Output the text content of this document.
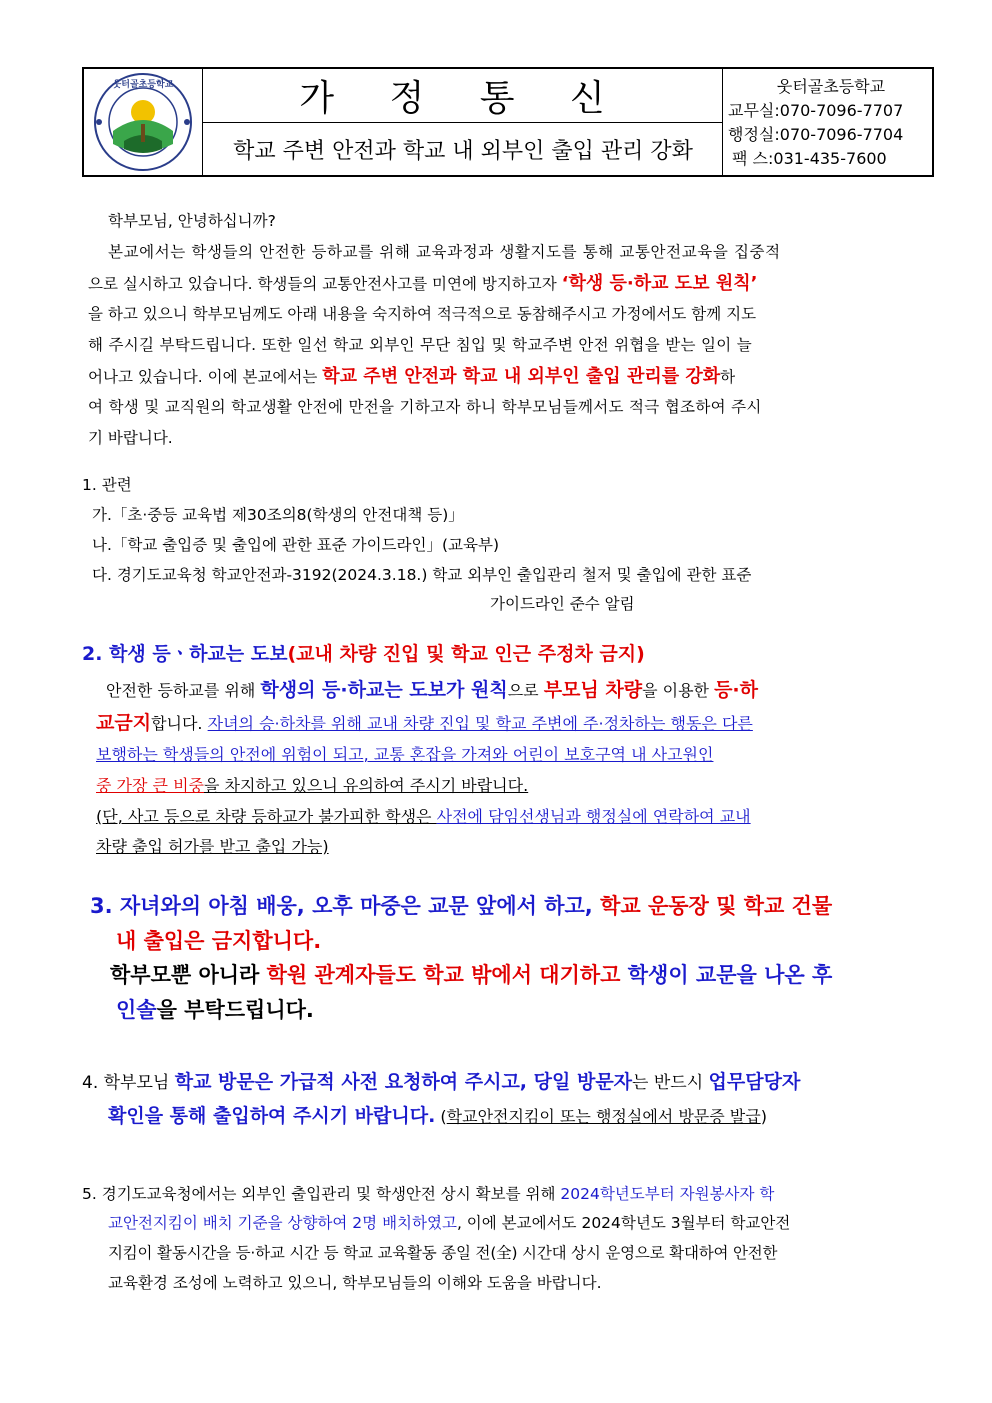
웃터골초등학교	가 정 통 신
학교 주변 안전과 학교 내 외부인 출입 관리 강화
웃터골초등학교
교무실:070-7096-7707
행정실:070-7096-7704
팩 스:031-435-7600
학부모님, 안녕하십니까?
본교에서는 학생들의 안전한 등하교를 위해 교육과정과 생활지도를 통해 교통안전교육을 집중적
으로 실시하고 있습니다. 학생들의 교통안전사고를 미연에 방지하고자 ‘학생 등·하교 도보 원칙’
을 하고 있으니 학부모님께도 아래 내용을 숙지하여 적극적으로 동참해주시고 가정에서도 함께 지도
해 주시길 부탁드립니다. 또한 일선 학교 외부인 무단 침입 및 학교주변 안전 위협을 받는 일이 늘
어나고 있습니다. 이에 본교에서는 학교 주변 안전과 학교 내 외부인 출입 관리를 강화하
여 학생 및 교직원의 학교생활 안전에 만전을 기하고자 하니 학부모님들께서도 적극 협조하여 주시
기 바랍니다.
1. 관련
가.「초·중등 교육법 제30조의8(학생의 안전대책 등)」
나.「학교 출입증 및 출입에 관한 표준 가이드라인」(교육부)
다. 경기도교육청 학교안전과-3192(2024.3.18.) 학교 외부인 출입관리 철저 및 출입에 관한 표준
가이드라인 준수 알림
2. 학생 등ㆍ하교는 도보(교내 차량 진입 및 학교 인근 주정차 금지)
안전한 등하교를 위해 학생의 등·하교는 도보가 원칙으로 부모님 차량을 이용한 등·하
교금지합니다. 자녀의 승·하차를 위해 교내 차량 진입 및 학교 주변에 주·정차하는 행동은 다른
보행하는 학생들의 안전에 위험이 되고, 교통 혼잡을 가져와 어린이 보호구역 내 사고원인
중 가장 큰 비중을 차지하고 있으니 유의하여 주시기 바랍니다.
(단, 사고 등으로 차량 등하교가 불가피한 학생은 사전에 담임선생님과 행정실에 연락하여 교내
차량 출입 허가를 받고 출입 가능)
3. 자녀와의 아침 배웅, 오후 마중은 교문 앞에서 하고, 학교 운동장 및 학교 건물
내 출입은 금지합니다.
학부모뿐 아니라 학원 관계자들도 학교 밖에서 대기하고 학생이 교문을 나온 후
인솔을 부탁드립니다.
4. 학부모님 학교 방문은 가급적 사전 요청하여 주시고, 당일 방문자는 반드시 업무담당자
확인을 통해 출입하여 주시기 바랍니다. (학교안전지킴이 또는 행정실에서 방문증 발급)
5. 경기도교육청에서는 외부인 출입관리 및 학생안전 상시 확보를 위해 2024학년도부터 자원봉사자 학
교안전지킴이 배치 기준을 상향하여 2명 배치하였고, 이에 본교에서도 2024학년도 3월부터 학교안전
지킴이 활동시간을 등·하교 시간 등 학교 교육활동 종일 전(全) 시간대 상시 운영으로 확대하여 안전한
교육환경 조성에 노력하고 있으니, 학부모님들의 이해와 도움을 바랍니다.
